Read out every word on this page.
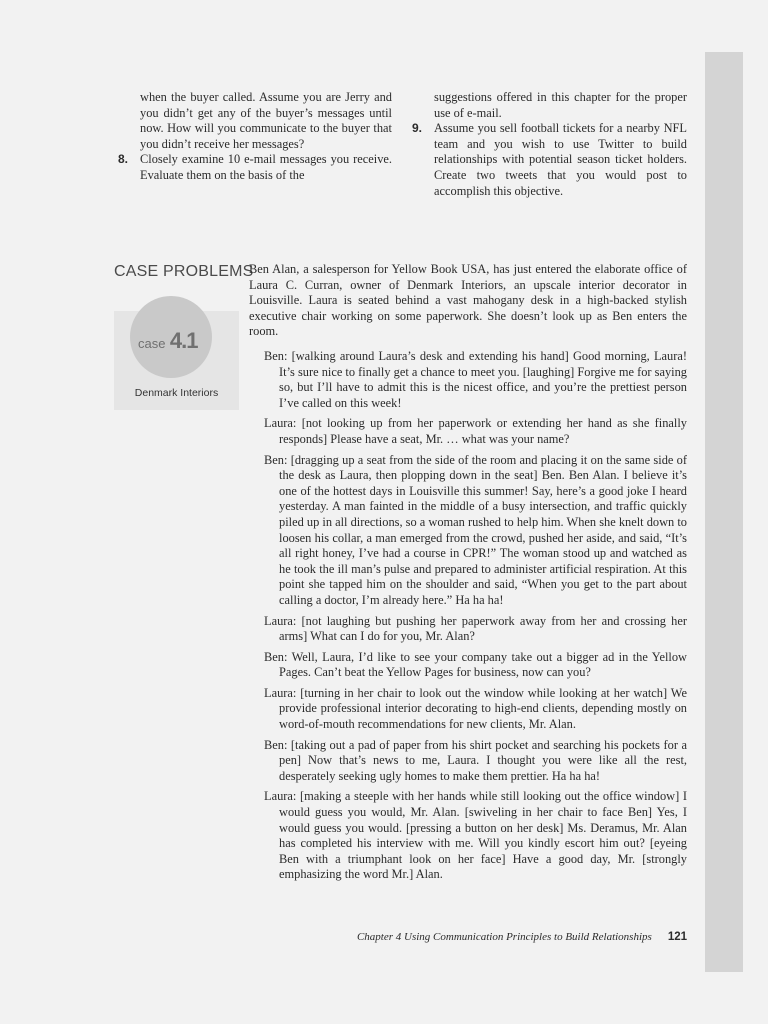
when the buyer called. Assume you are Jerry and you didn’t get any of the buyer’s messages until now. How will you communicate to the buyer that you didn’t receive her messages?

8. Closely examine 10 e-mail messages you receive. Evaluate them on the basis of the

suggestions offered in this chapter for the proper use of e-mail.

9. Assume you sell football tickets for a nearby NFL team and you wish to use Twitter to build relationships with potential season ticket holders. Create two tweets that you would post to accomplish this objective.

CASE PROBLEMS
case 4.1
Denmark Interiors

Ben Alan, a salesperson for Yellow Book USA, has just entered the elaborate office of Laura C. Curran, owner of Denmark Interiors, an upscale interior decorator in Louisville. Laura is seated behind a vast mahogany desk in a high-backed stylish executive chair working on some paperwork. She doesn’t look up as Ben enters the room.

Ben: [walking around Laura’s desk and extending his hand] Good morning, Laura! It’s sure nice to finally get a chance to meet you. [laughing] Forgive me for saying so, but I’ll have to admit this is the nicest office, and you’re the prettiest person I’ve called on this week!

Laura: [not looking up from her paperwork or extending her hand as she finally responds] Please have a seat, Mr. … what was your name?

Ben: [dragging up a seat from the side of the room and placing it on the same side of the desk as Laura, then plopping down in the seat] Ben. Ben Alan. I believe it’s one of the hottest days in Louisville this summer! Say, here’s a good joke I heard yesterday. A man fainted in the middle of a busy intersection, and traffic quickly piled up in all directions, so a woman rushed to help him. When she knelt down to loosen his collar, a man emerged from the crowd, pushed her aside, and said, “It’s all right honey, I’ve had a course in CPR!” The woman stood up and watched as he took the ill man’s pulse and prepared to administer artificial respiration. At this point she tapped him on the shoulder and said, “When you get to the part about calling a doctor, I’m already here.” Ha ha ha!

Laura: [not laughing but pushing her paperwork away from her and crossing her arms] What can I do for you, Mr. Alan?

Ben: Well, Laura, I’d like to see your company take out a bigger ad in the Yellow Pages. Can’t beat the Yellow Pages for business, now can you?

Laura: [turning in her chair to look out the window while looking at her watch] We provide professional interior decorating to high-end clients, depending mostly on word-of-mouth recommendations for new clients, Mr. Alan.

Ben: [taking out a pad of paper from his shirt pocket and searching his pockets for a pen] Now that’s news to me, Laura. I thought you were like all the rest, desperately seeking ugly homes to make them prettier. Ha ha ha!

Laura: [making a steeple with her hands while still looking out the office window] I would guess you would, Mr. Alan. [swiveling in her chair to face Ben] Yes, I would guess you would. [pressing a button on her desk] Ms. Deramus, Mr. Alan has completed his interview with me. Will you kindly escort him out? [eyeing Ben with a triumphant look on her face] Have a good day, Mr. [strongly emphasizing the word Mr.] Alan.

Chapter 4 Using Communication Principles to Build Relationships 121
